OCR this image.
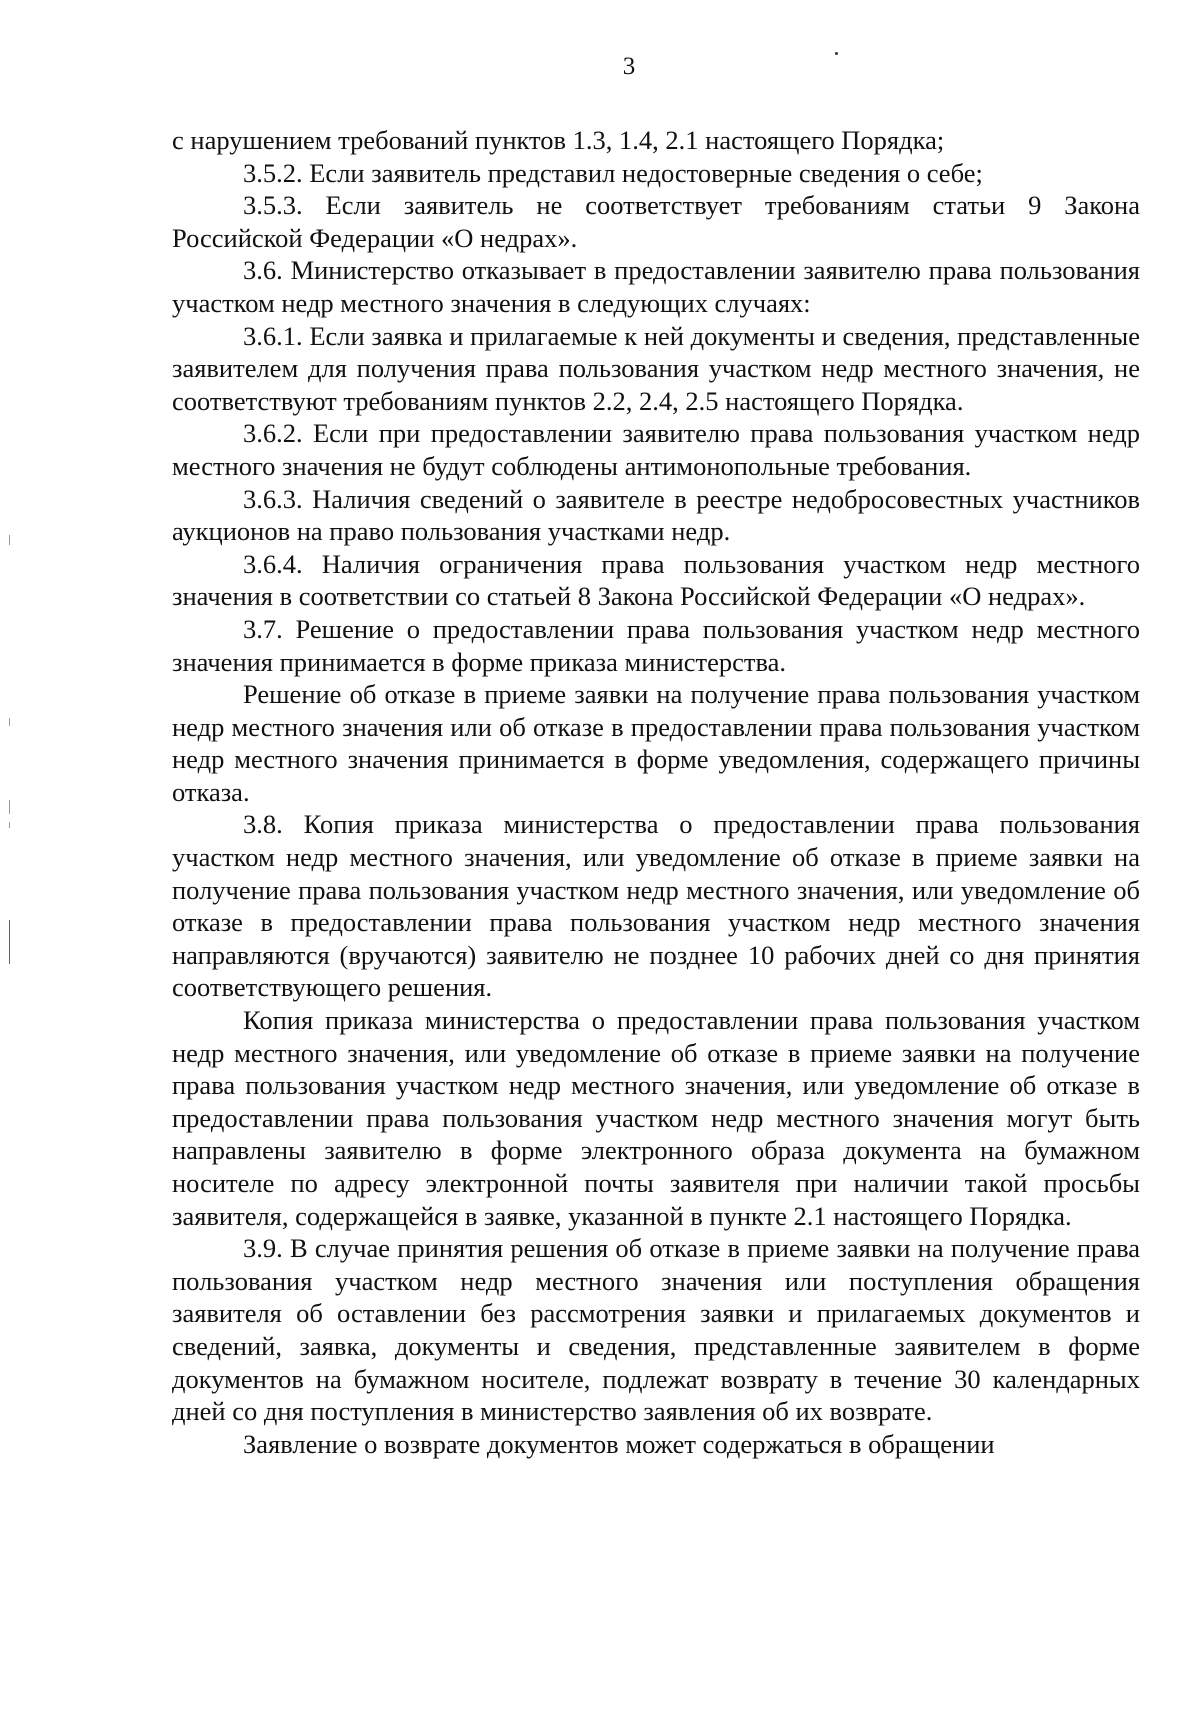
3

с нарушением требований пунктов 1.3, 1.4, 2.1 настоящего Порядка;

3.5.2. Если заявитель представил недостоверные сведения о себе;

3.5.3. Если заявитель не соответствует требованиям статьи 9 Закона Российской Федерации «О недрах».

3.6. Министерство отказывает в предоставлении заявителю права пользования участком недр местного значения в следующих случаях:

3.6.1. Если заявка и прилагаемые к ней документы и сведения, представленные заявителем для получения права пользования участком недр местного значения, не соответствуют требованиям пунктов 2.2, 2.4, 2.5 настоящего Порядка.

3.6.2. Если при предоставлении заявителю права пользования участком недр местного значения не будут соблюдены антимонопольные требования.

3.6.3. Наличия сведений о заявителе в реестре недобросовестных участников аукционов на право пользования участками недр.

3.6.4. Наличия ограничения права пользования участком недр местного значения в соответствии со статьей 8 Закона Российской Федерации «О недрах».

3.7. Решение о предоставлении права пользования участком недр местного значения принимается в форме приказа министерства.

Решение об отказе в приеме заявки на получение права пользования участком недр местного значения или об отказе в предоставлении права пользования участком недр местного значения принимается в форме уведомления, содержащего причины отказа.

3.8. Копия приказа министерства о предоставлении права пользования участком недр местного значения, или уведомление об отказе в приеме заявки на получение права пользования участком недр местного значения, или уведомление об отказе в предоставлении права пользования участком недр местного значения направляются (вручаются) заявителю не позднее 10 рабочих дней со дня принятия соответствующего решения.

Копия приказа министерства о предоставлении права пользования участком недр местного значения, или уведомление об отказе в приеме заявки на получение права пользования участком недр местного значения, или уведомление об отказе в предоставлении права пользования участком недр местного значения могут быть направлены заявителю в форме электронного образа документа на бумажном носителе по адресу электронной почты заявителя при наличии такой просьбы заявителя, содержащейся в заявке, указанной в пункте 2.1 настоящего Порядка.

3.9. В случае принятия решения об отказе в приеме заявки на получение права пользования участком недр местного значения или поступления обращения заявителя об оставлении без рассмотрения заявки и прилагаемых документов и сведений, заявка, документы и сведения, представленные заявителем в форме документов на бумажном носителе, подлежат возврату в течение 30 календарных дней со дня поступления в министерство заявления об их возврате.

Заявление о возврате документов может содержаться в обращении
